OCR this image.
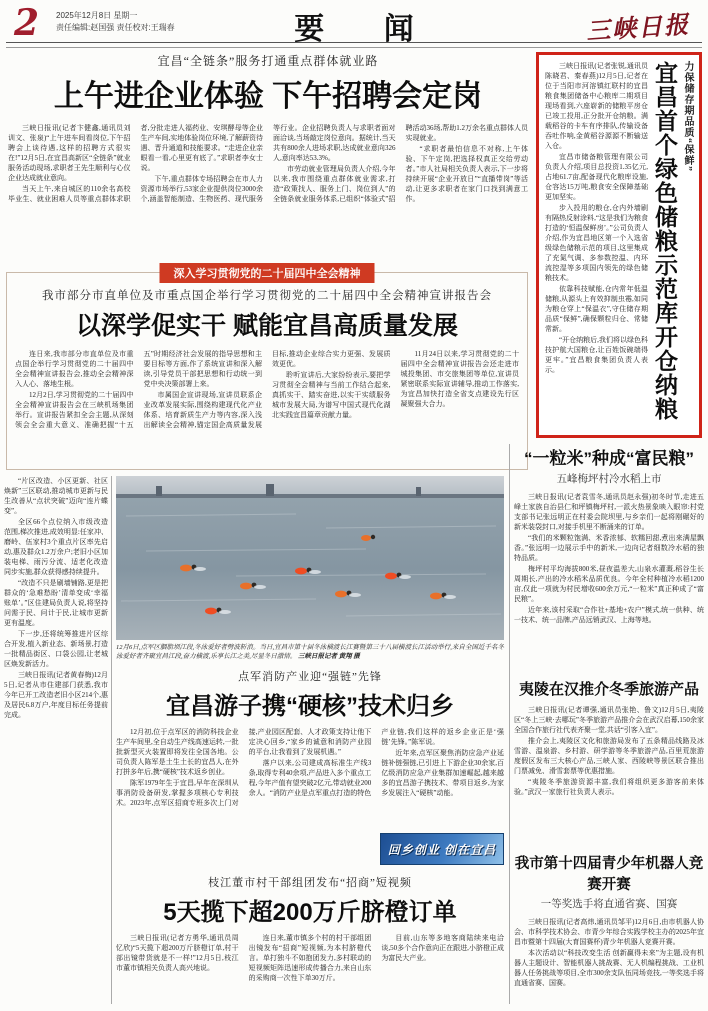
2 2025年12月8日 星期一
责任编辑:赵国强 责任校对:王瑞春	要 闻	三峡日报
宜昌“全链条”服务打通重点群体就业路
上午进企业体验 下午招聘会定岗

三峡日报讯(记者卞健鑫,通讯员刘训文、张泉)“上午进车间看岗位,下午招聘会上谈待遇,这样的招聘方式很实在!”12月5日,在宜昌高新区“全链条”就业服务活动现场,求职者王先生顺利与心仪企业达成就业意向。

当天上午,来自城区的110余名高校毕业生、就业困难人员等重点群体求职者,分批走进人福药业、安琪酵母等企业生产车间,实地体验岗位环境,了解薪资待遇、晋升通道和技能要求。“走进企业亲眼看一看,心里更有底了。”求职者李女士说。

下午,重点群体专场招聘会在市人力资源市场举行,53家企业提供岗位3000余个,涵盖智能制造、生物医药、现代服务等行业。企业招聘负责人与求职者面对面洽谈,当场敲定岗位意向。据统计,当天共有800余人进场求职,达成就业意向326人,意向率达53.3%。

市劳动就业管理局负责人介绍,今年以来,我市围绕重点群体就业需求,打造“政策找人、服务上门、岗位到人”的全链条就业服务体系,已组织“体验式”招聘活动36场,帮助1.2万余名重点群体人员实现就业。

“求职者最怕信息不对称,上午体验、下午定岗,把选择权真正交给劳动者。”市人社局相关负责人表示,下一步将持续开展“企业开放日”“直播带岗”等活动,让更多求职者在家门口找到满意工作。

三峡日报讯(记者张锐,通讯员陈晓君、秦春燕)12月5日,记者在位于当阳市河溶镇红联村的宜昌粮食集团储备中心粮库二期项目现场看到,六座崭新的储粮平房仓已竣工投用,正分批开仓纳粮。满载稻谷的卡车有序排队,传输设备吞吐作响,金黄稻谷源源不断输送入仓。

宜昌市储备粮管理有限公司负责人介绍,项目总投资1.35亿元,占地61.7亩,配备现代化粮库设施,仓容达15万吨,粮食安全保障基础更加坚实。

步入投用的粮仓,仓内外墙刷有隔热反射涂料,“这是我们为粮食打造的‘恒温保鲜房’。”公司负责人介绍,作为宜昌地区第一个入选省级绿色储粮示范的项目,这里集成了充氮气调、多参数控温、内环流控湿等多项国内领先的绿色储粮技术。

依靠科技赋能,仓内常年低温储粮,从源头上有效抑制虫霉,如同为粮仓穿上“保温衣”,守住储存期品质“保鲜”,确保颗粒归仓、常储常新。

“开仓纳粮后,我们将以绿色科技护航大国粮仓,让百姓饭碗端得更牢。”宜昌粮食集团负责人表示。	宜昌首个绿色储粮示范库开仓纳粮 力保储存期品质“保鲜”
深入学习贯彻党的二十届四中全会精神
我市部分市直单位及市重点国企举行学习贯彻党的二十届四中全会精神宣讲报告会
以深学促实干 赋能宜昌高质量发展

连日来,我市部分市直单位及市重点国企举行学习贯彻党的二十届四中全会精神宣讲报告会,推动全会精神深入人心、落地生根。

12月2日,学习贯彻党的二十届四中全会精神宣讲报告会在三峡机场集团举行。宣讲报告紧扣全会主题,从深刻领会全会重大意义、准确把握“十五五”时期经济社会发展的指导思想和主要目标等方面,作了系统宣讲和深入解读,引导党员干部把思想和行动统一到党中央决策部署上来。

市属国企宣讲现场,宣讲员联系企业改革发展实际,围绕构建现代化产业体系、培育新质生产力等内容,深入浅出解读全会精神,锚定国企高质量发展目标,推动企业综合实力更强、发展质效更优。

聆听宣讲后,大家纷纷表示,要把学习贯彻全会精神与当前工作结合起来,真抓实干、踏实奋进,以实干实绩服务城市发展大局,为谱写中国式现代化湖北实践宜昌篇章贡献力量。

11月24日以来,学习贯彻党的二十届四中全会精神宣讲报告会还走进市城投集团、市交旅集团等单位,宣讲员紧密联系实际宣讲辅导,推动工作落实,为宜昌加快打造全省支点建设先行区凝聚强大合力。

“片区改造、小区更新、社区焕新”三区联动,推动城市更新与民生改善从“点状突破”迈向“连片蝶变”。

全区66个点位纳入市级改造范围,梯次推进,成效明显:任家冲、磨岭、伍家村3个重点片区率先启动,惠及群众1.2万余户;老旧小区加装电梯、雨污分流、适老化改造同步实施,群众获得感持续提升。

“改造不只是刷墙铺路,更是把群众的‘急难愁盼’清单变成‘幸福账单’。”区住建局负责人说,将坚持问需于民、问计于民,让城市更新更有温度。

下一步,还将统筹推进片区综合开发,植入新业态、新场景,打造一批精品街区、口袋公园,让老城区焕发新活力。

三峡日报讯(记者黄春梅)12月5日,记者从市住建部门获悉,我市今年已开工改造老旧小区214个,惠及居民6.8万户,年度目标任务提前完成。

12月6日,点军区胭脂坝江段,冬泳爱好者劈波斩浪。当日,宜昌市第十届冬泳横渡长江赛暨第三十八届横渡长江活动举行,来自全国近千名冬泳爱好者齐聚宜昌江段,奋力横渡,乐享长江之美,尽显冬日激情。 三峡日报记者 黄翔 摄
点军消防产业迎“强链”先锋
宜昌游子携“硬核”技术归乡

12月初,位于点军区的消防科技企业生产车间里,全自动生产线高速运转,一批批新型灭火装置即将发往全国各地。公司负责人陈军是土生土长的宜昌人,在外打拼多年后,携“硬核”技术返乡创业。

陈军1979年生于宜昌,早年在深圳从事消防设备研发,掌握多项核心专利技术。2023年,点军区招商专班多次上门对接,产业园区配套、人才政策支持让他下定决心回乡,“家乡的诚意和消防产业园的平台,让我看到了发展机遇。”

落户以来,公司建成高标准生产线3条,取得专利40余项,产品进入多个重点工程,今年产值有望突破2亿元,带动就业200余人。“消防产业是点军重点打造的特色产业链,我们这样的返乡企业正是‘强链’先锋。”陈军说。

近年来,点军区聚焦消防应急产业延链补链强链,已引进上下游企业30余家,百亿级消防应急产业集群加速崛起,越来越多的宜昌游子携技术、带项目返乡,为家乡发展注入“硬核”动能。

回乡创业 创在宜昌
枝江董市村干部组团发布“招商”短视频
5天揽下超200万斤脐橙订单

三峡日报讯(记者方勇华,通讯员周忆欣)“5天揽下超200万斤脐橙订单,村干部出镜带货就是不一样!”12月5日,枝江市董市镇相关负责人高兴地说。

连日来,董市镇多个村的村干部组团出镜发布“招商”短视频,为本村脐橙代言。单打独斗不如抱团发力,多村联动的短视频矩阵迅速形成传播合力,来自山东的采购商一次性下单30万斤。

目前,山东等多地客商陆续来电洽谈,50多个合作意向正在跟进,小脐橙正成为富民大产业。

“一粒米”种成“富民粮”
五峰梅坪村冷水稻上市

三峡日报讯(记者袁雪冬,通讯员赵永强)初冬时节,走进五峰土家族自治县仁和坪镇梅坪村,一派火热景象映入眼帘:村党支部书记张远明正在村委会院坝里,与乡亲们一起将刚碾好的新米装袋封口,对接手机里不断涌来的订单。

“我们的米颗粒饱满、米香浓郁、软糯回甜,煮出来满屋飘香。”张远明一边展示手中的新米,一边向记者细数冷水稻的独特品质。

梅坪村平均海拔800米,昼夜温差大,山泉水灌溉,稻谷生长周期长,产出的冷水稻米品质优良。今年全村种植冷水稻1200亩,仅此一项就为村民增收600余万元,“一粒米”真正种成了“富民粮”。

近年来,该村采取“合作社+基地+农户”模式,统一供种、统一技术、统一品牌,产品远销武汉、上海等地。

夷陵在汉推介冬季旅游产品

三峡日报讯(记者谭强,通讯员张艳、鲁文)12月5日,夷陵区“冬上三峡·去哪玩”冬季旅游产品推介会在武汉启幕,150余家全国合作旅行社代表齐聚一堂,共话“引客入宜”。

推介会上,夷陵区文化和旅游局发布了五条精品线路及冰雪游、温泉游、乡村游、研学游等冬季旅游产品,百里荒旅游度假区发布三大核心产品,三峡人家、西陵峡等景区联合推出门票减免、滑雪套票等优惠措施。

“夷陵冬季旅游资源丰富,我们将组织更多游客前来体验。”武汉一家旅行社负责人表示。

我市第十四届青少年机器人竞赛开赛
一等奖选手将直通省赛、国赛

三峡日报讯(记者高炜,通讯员邹平)12月6日,由市机器人协会、市科学技术协会、市青少年综合实践学校主办的2025年宜昌市暨第十四届(大育国赛杯)青少年机器人竞赛开赛。

本次活动以“科技改变生活 创新赢得未来”为主题,设有机器人主题设计、智能机器人挑战赛、无人机编程挑战、工业机器人任务挑战等项目,全市300余支队伍同场竞技,一等奖选手将直通省赛、国赛。
